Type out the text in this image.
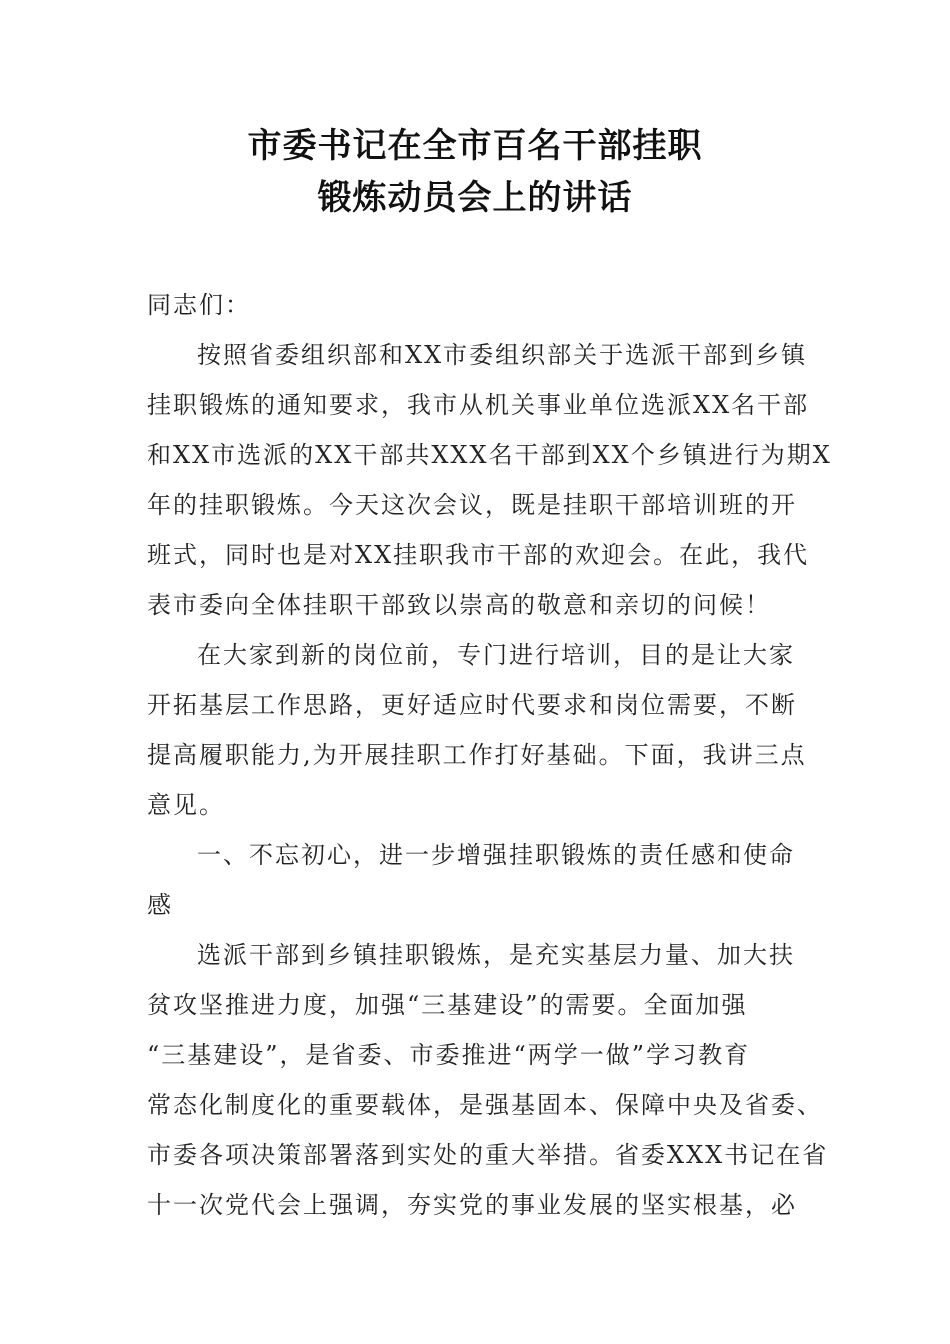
市委书记在全市百名干部挂职
锻炼动员会上的讲话
同志们：
按照省委组织部和XX市委组织部关于选派干部到乡镇
挂职锻炼的通知要求，我市从机关事业单位选派XX名干部
和XX市选派的XX干部共XXX名干部到XX个乡镇进行为期X
年的挂职锻炼。今天这次会议，既是挂职干部培训班的开
班式，同时也是对XX挂职我市干部的欢迎会。在此，我代
表市委向全体挂职干部致以崇高的敬意和亲切的问候！
在大家到新的岗位前，专门进行培训，目的是让大家
开拓基层工作思路，更好适应时代要求和岗位需要，不断
提高履职能力,为开展挂职工作打好基础。下面，我讲三点
意见。
一、不忘初心，进一步增强挂职锻炼的责任感和使命
感
选派干部到乡镇挂职锻炼，是充实基层力量、加大扶
贫攻坚推进力度，加强“三基建设”的需要。全面加强
“三基建设”，是省委、市委推进“两学一做”学习教育
常态化制度化的重要载体，是强基固本、保障中央及省委、
市委各项决策部署落到实处的重大举措。省委XXX书记在省
十一次党代会上强调，夯实党的事业发展的坚实根基，必
